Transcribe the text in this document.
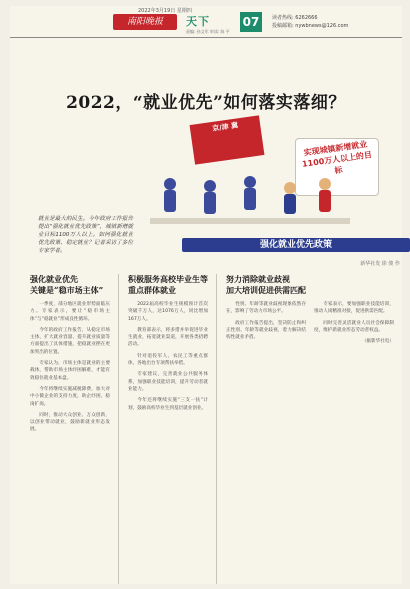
2022年3月19日 星期四
南阳晚报	天下
责编: 孙文军 审读: 陈 平
07	读者热线: 6262666
投稿邮箱: nywbnews@126.com
2022，“就业优先”如何落实落细？
京/津 冀
实现城镇新增就业1100万人以上的目标
强化就业优先政策
新华社发 徐 骏 作
就业是最大的民生。今年政府工作报告提出“强化就业优先政策”，城镇新增就业目标1100万人以上。如何强化就业优先政策、稳定就业？记者采访了多位专家学者。
强化就业优先
关键是“稳市场主体”

一季度，部分地区就业形势面临压力。专家表示，要让“稳市场主体”与“稳就业”形成良性循环。

今年的政府工作报告，从稳定市场主体、扩大就业容量、提升就业质量等方面提出了具体措施，把稳就业摆在更加突出的位置。

专家认为，市场主体是就业的主要载体，帮助市场主体纾困解难，才能有效稳住就业基本盘。

今年将继续实施减税降费，加大对中小微企业的支持力度，助企纾困，稳岗扩岗。

同时，推动大众创业、万众创新，以创业带动就业，鼓励新就业形态发展。

积极服务高校毕业生等
重点群体就业

2022届高校毕业生规模预计首次突破千万人，达1076万人，同比增加167万人。

教育部表示，将多措并举促进毕业生就业，拓宽就业渠道，开展各类招聘活动。

针对退役军人、农民工等重点群体，各地出台专项帮扶举措。

专家建议，完善就业公共服务体系，加强职业技能培训，提升劳动者就业能力。

今年还将继续实施“三支一扶”计划，鼓励高校毕业生到基层就业创业。

努力消除就业歧视
加大培训促进供需匹配

性别、年龄等就业歧视现象依然存在，影响了劳动力市场公平。

政府工作报告提出，坚决防止和纠正性别、年龄等就业歧视，着力解决结构性就业矛盾。

专家表示，要加强职业技能培训，推动人岗精准对接，促进供需匹配。

同时完善灵活就业人员社会保障制度，维护新就业形态劳动者权益。

（据新华社电）
